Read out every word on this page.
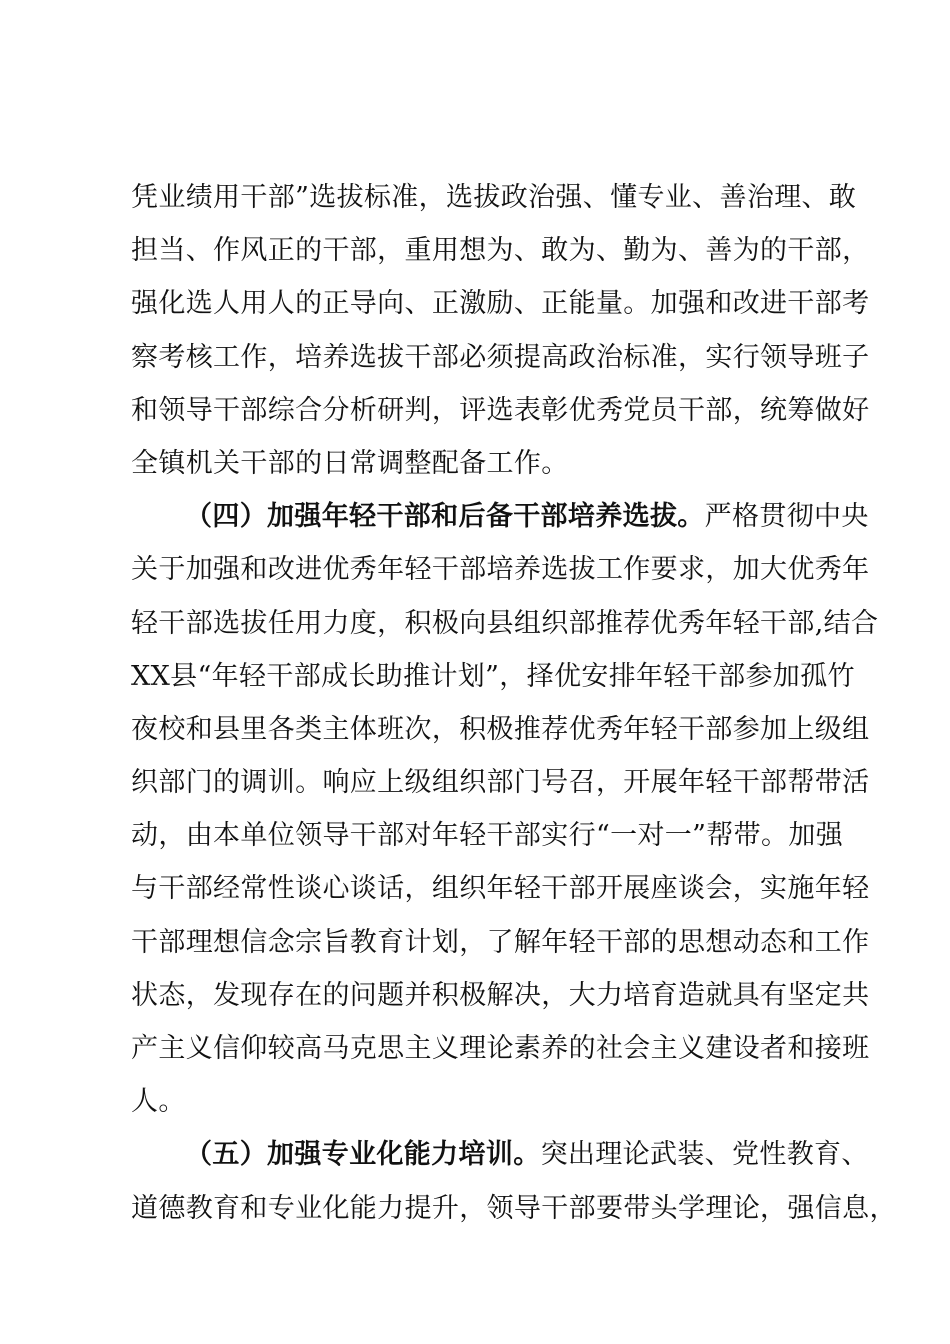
凭业绩用干部”选拔标准，选拔政治强、懂专业、善治理、敢
担当、作风正的干部，重用想为、敢为、勤为、善为的干部，
强化选人用人的正导向、正激励、正能量。加强和改进干部考
察考核工作，培养选拔干部必须提高政治标准，实行领导班子
和领导干部综合分析研判，评选表彰优秀党员干部，统筹做好
全镇机关干部的日常调整配备工作。
（四）加强年轻干部和后备干部培养选拔。严格贯彻中央
关于加强和改进优秀年轻干部培养选拔工作要求，加大优秀年
轻干部选拔任用力度，积极向县组织部推荐优秀年轻干部,结合
XX县“年轻干部成长助推计划”，择优安排年轻干部参加孤竹
夜校和县里各类主体班次，积极推荐优秀年轻干部参加上级组
织部门的调训。响应上级组织部门号召，开展年轻干部帮带活
动，由本单位领导干部对年轻干部实行“一对一”帮带。加强
与干部经常性谈心谈话，组织年轻干部开展座谈会，实施年轻
干部理想信念宗旨教育计划，了解年轻干部的思想动态和工作
状态，发现存在的问题并积极解决，大力培育造就具有坚定共
产主义信仰较高马克思主义理论素养的社会主义建设者和接班
人。
（五）加强专业化能力培训。突出理论武装、党性教育、
道德教育和专业化能力提升，领导干部要带头学理论，强信息，
